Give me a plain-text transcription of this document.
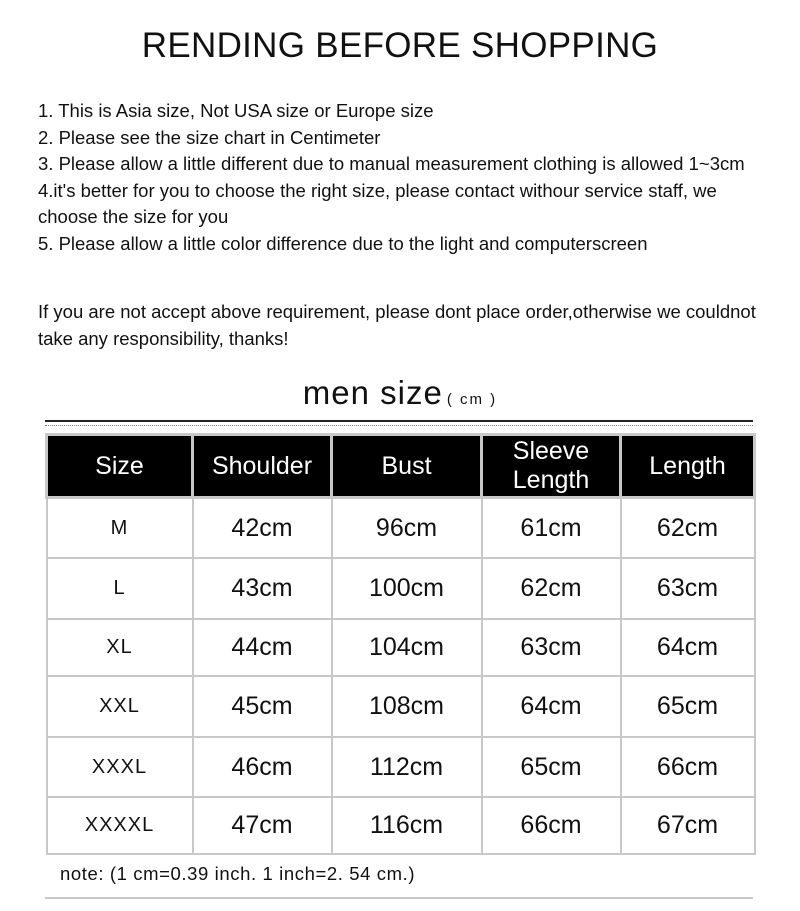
RENDING BEFORE SHOPPING
1. This is Asia size, Not USA size or Europe size
2. Please see the size chart in Centimeter
3. Please allow a little different due to manual measurement clothing is allowed 1~3cm
4.it's better for you to choose the right size, please contact withour service staff, we choose the size for you
5. Please allow a little color difference due to the light and computerscreen

If you are not accept above requirement, please dont place order,otherwise we couldnot take any responsibility, thanks!

men size ( cm )
Size	Shoulder	Bust	Sleeve Length	Length
M	42cm	96cm	61cm	62cm
L	43cm	100cm	62cm	63cm
XL	44cm	104cm	63cm	64cm
XXL	45cm	108cm	64cm	65cm
XXXL	46cm	112cm	65cm	66cm
XXXXL	47cm	116cm	66cm	67cm

note: (1 cm=0.39 inch. 1 inch=2. 54 cm.)
